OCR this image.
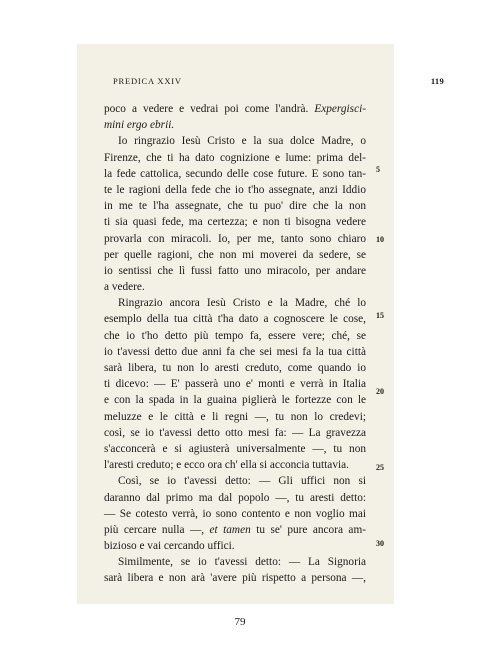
PREDICA XXIV	119
poco a vedere e vedrai poi come l'andrà. Expergisci-
mini ergo ebrii.
Io ringrazio Iesù Cristo e la sua dolce Madre, o
Firenze, che ti ha dato cognizione e lume: prima del-
la fede cattolica, secundo delle cose future. E sono tan-
te le ragioni della fede che io t'ho assegnate, anzi Iddio
in me te l'ha assegnate, che tu puo' dire che la non
ti sia quasi fede, ma certezza; e non ti bisogna vedere
provarla con miracoli. Io, per me, tanto sono chiaro
per quelle ragioni, che non mi moverei da sedere, se
io sentissi che lì fussi fatto uno miracolo, per andare
a vedere.
Ringrazio ancora Iesù Cristo e la Madre, ché lo
esemplo della tua città t'ha dato a cognoscere le cose,
che io t'ho detto più tempo fa, essere vere; ché, se
io t'avessi detto due anni fa che sei mesi fa la tua città
sarà libera, tu non lo aresti creduto, come quando io
ti dicevo: — E' passerà uno e' monti e verrà in Italia
e con la spada in la guaina piglierà le fortezze con le
meluzze e le città e li regni —, tu non lo credevi;
così, se io t'avessi detto otto mesi fa: — La gravezza
s'acconcerà e si agiusterà universalmente —, tu non
l'aresti creduto; e ecco ora ch' ella si acconcia tuttavia.
Così, se io t'avessi detto: — Gli uffici non si
daranno dal primo ma dal popolo —, tu aresti detto:
— Se cotesto verrà, io sono contento e non voglio mai
più cercare nulla —, et tamen tu se' pure ancora am-
bizioso e vai cercando uffici.
Similmente, se io t'avessi detto: — La Signoria
sarà libera e non arà 'avere più rispetto a persona —,
5
10
15
20
25
30
79
